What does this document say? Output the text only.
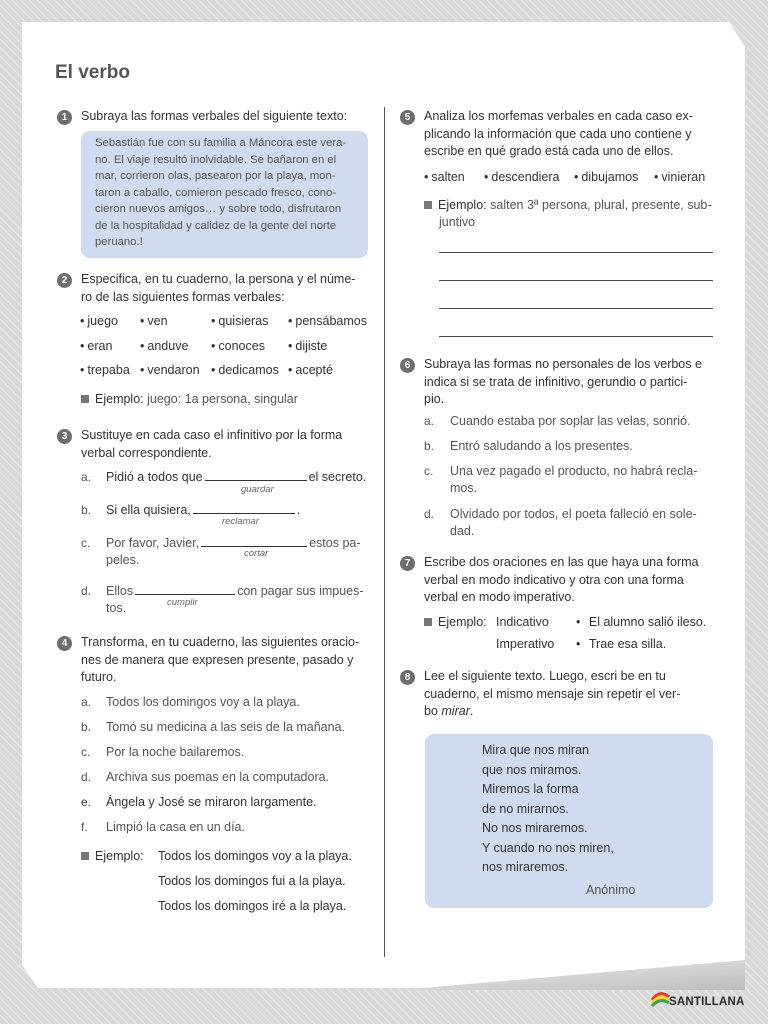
El verbo
1	Subraya las formas verbales del siguiente texto:

Sebastián fue con su familia a Máncora este vera-
no. El viaje resultó inolvidable. Se bañaron en el
mar, corrieron olas, pasearon por la playa, mon-
taron a caballo, comieron pescado fresco, cono-
cieron nuevos amigos… y sobre todo, disfrutaron
de la hospitalidad y calidez de la gente del norte
peruano.!

2	Especifica, en tu cuaderno, la persona y el núme-
ro de las siguientes formas verbales:
• juego	• ven	• quisieras	• pensábamos
• eran	• anduve	• conoces	• dijiste
• trepaba	• vendaron	• dedicamos	• acepté
Ejemplo: juego: 1a persona, singular
3	Sustituye en cada caso el infinitivo por la forma
verbal correspondiente.
a. Pidió a todos que	el secreto.
guardar
b. Si ella quisiera,	.
reclamar
c. Por favor, Javier,	estos pa-
peles.	cortar
d. Ellos	con pagar sus impues-
tos.	cumplir
4	Transforma, en tu cuaderno, las siguientes oracio-
nes de manera que expresen presente, pasado y
futuro.
a. Todos los domingos voy a la playa.
b. Tomó su medicina a las seis de la mañana.
c. Por la noche bailaremos.
d. Archiva sus poemas en la computadora.
e. Ángela y José se miraron largamente.
f. Limpió la casa en un día.
Ejemplo: Todos los domingos voy a la playa.
Todos los domingos fui a la playa.
Todos los domingos iré a la playa.
5	Analiza los morfemas verbales en cada caso ex-
plicando la información que cada uno contiene y
escribe en qué grado está cada uno de ellos.
• salten	• descendiera	• dibujamos	• vinieran
Ejemplo: salten 3ª persona, plural, presente, sub-
juntivo
6	Subraya las formas no personales de los verbos e
indica si se trata de infinitivo, gerundio o partici-
pio.
a. Cuando estaba por soplar las velas, sonrió.
b. Entró saludando a los presentes.
c. Una vez pagado el producto, no habrá recla-
mos.
d. Olvidado por todos, el poeta falleció en sole-
dad.
7	Escribe dos oraciones en las que haya una forma
verbal en modo indicativo y otra con una forma
verbal en modo imperativo.
Ejemplo: Indicativo • El alumno salió ileso.
Imperativo • Trae esa silla.
8	Lee el siguiente texto. Luego, escri be en tu
cuaderno, el mismo mensaje sin repetir el ver-
bo mirar.
Mira que nos miran
que nos miramos.
Miremos la forma
de no mirarnos.
No nos miraremos.
Y cuando no nos miren,
nos miraremos.
Anónimo
SANTILLANA
